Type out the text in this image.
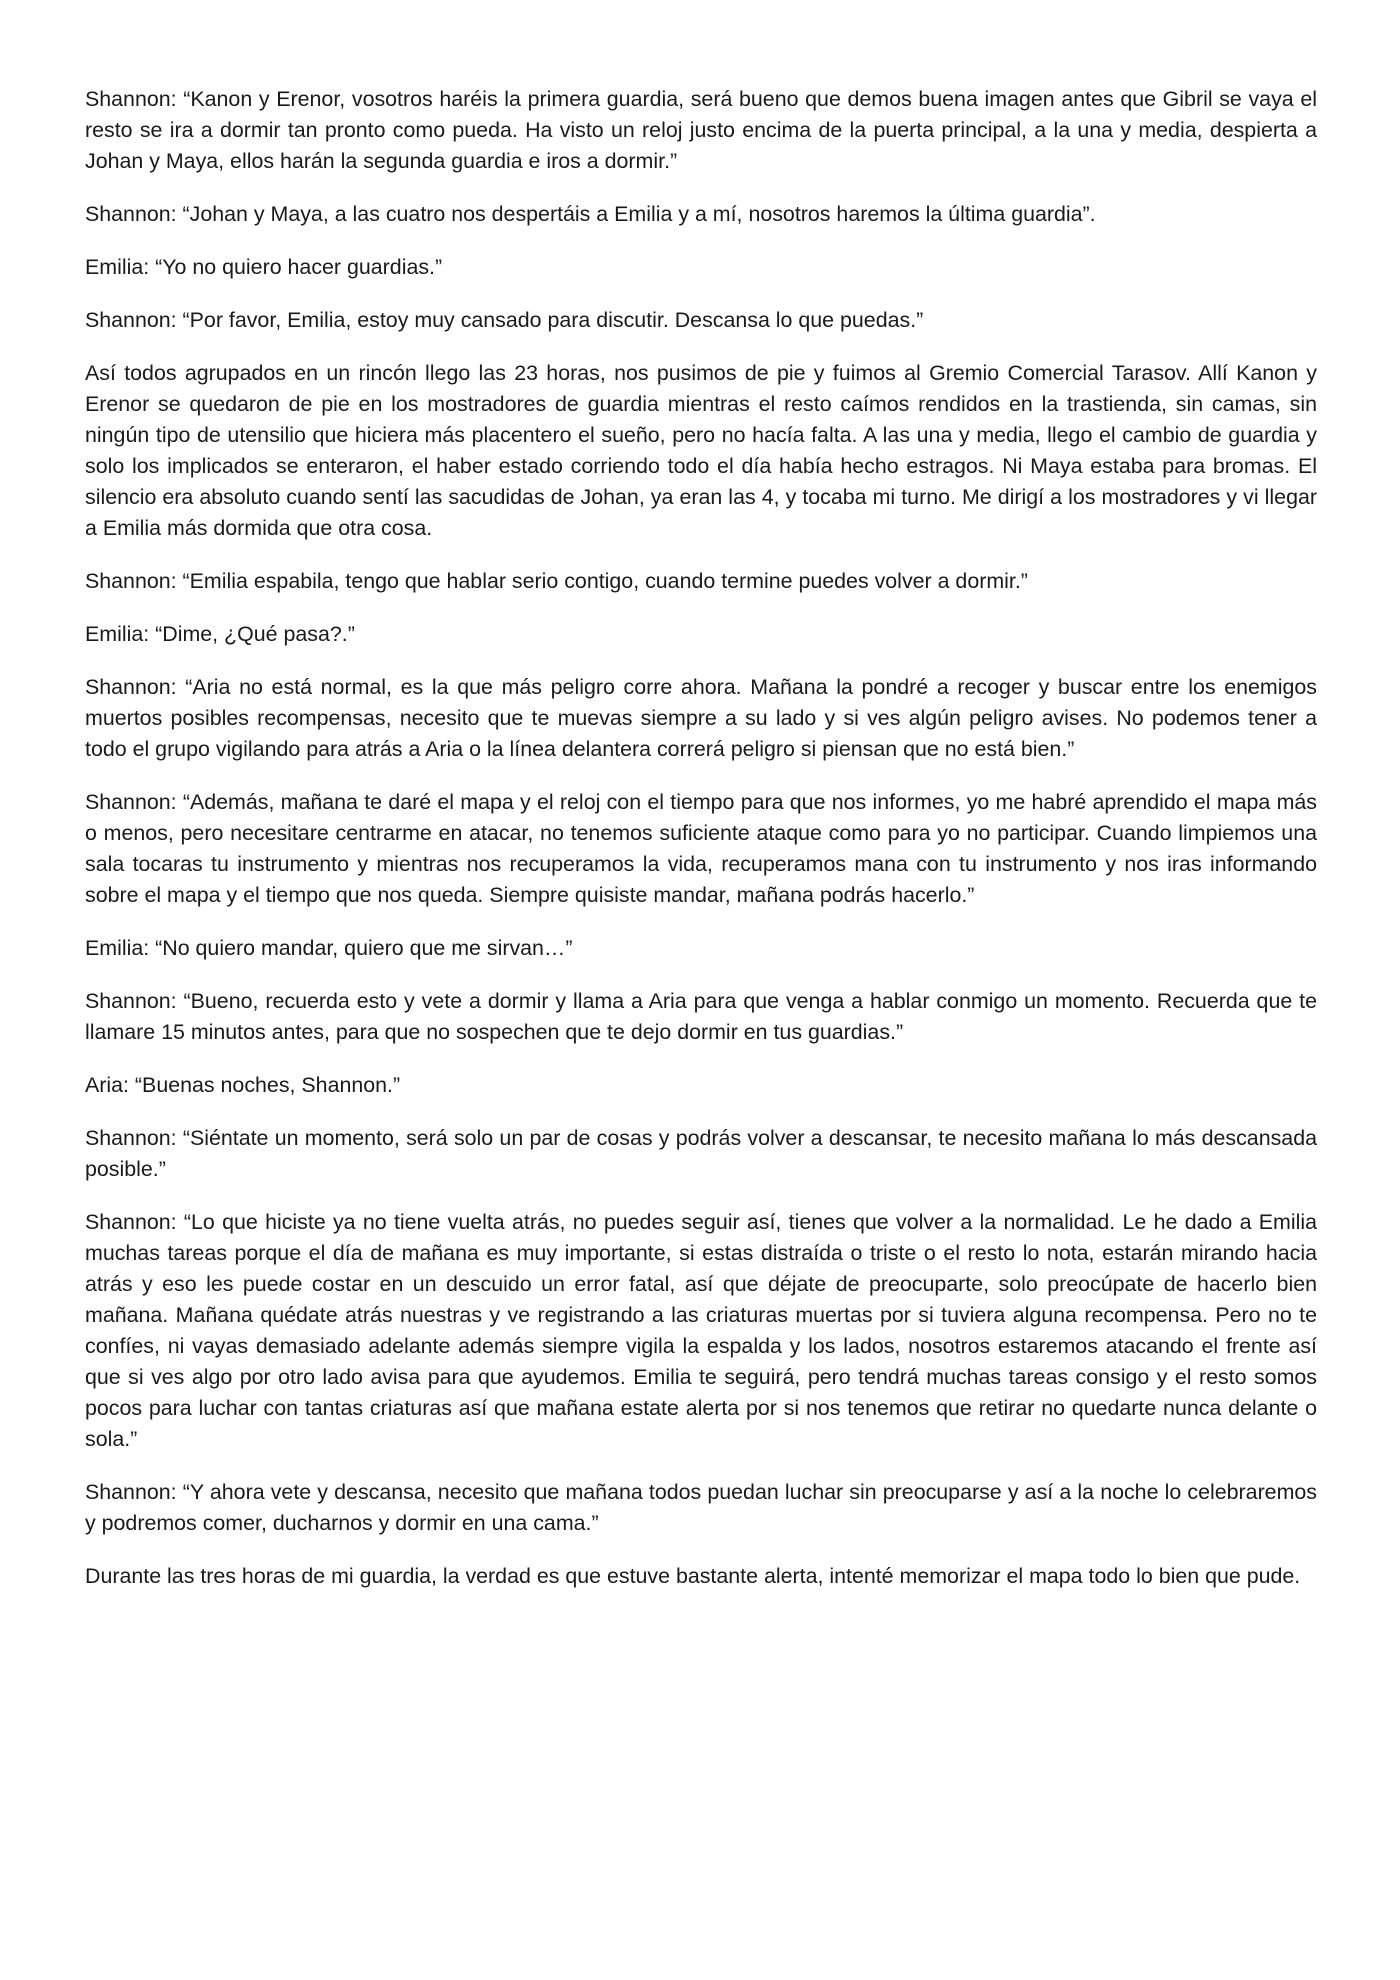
Shannon: “Kanon y Erenor, vosotros haréis la primera guardia, será bueno que demos buena imagen antes que Gibril se vaya el resto se ira a dormir tan pronto como pueda. Ha visto un reloj justo encima de la puerta principal, a la una y media, despierta a Johan y Maya, ellos harán la segunda guardia e iros a dormir.”

Shannon: “Johan y Maya, a las cuatro nos despertáis a Emilia y a mí, nosotros haremos la última guardia”.

Emilia: “Yo no quiero hacer guardias.”

Shannon: “Por favor, Emilia, estoy muy cansado para discutir. Descansa lo que puedas.”

Así todos agrupados en un rincón llego las 23 horas, nos pusimos de pie y fuimos al Gremio Comercial Tarasov. Allí Kanon y Erenor se quedaron de pie en los mostradores de guardia mientras el resto caímos rendidos en la trastienda, sin camas, sin ningún tipo de utensilio que hiciera más placentero el sueño, pero no hacía falta. A las una y media, llego el cambio de guardia y solo los implicados se enteraron, el haber estado corriendo todo el día había hecho estragos. Ni Maya estaba para bromas. El silencio era absoluto cuando sentí las sacudidas de Johan, ya eran las 4, y tocaba mi turno. Me dirigí a los mostradores y vi llegar a Emilia más dormida que otra cosa.

Shannon: “Emilia espabila, tengo que hablar serio contigo, cuando termine puedes volver a dormir.”

Emilia: “Dime, ¿Qué pasa?.”

Shannon: “Aria no está normal, es la que más peligro corre ahora. Mañana la pondré a recoger y buscar entre los enemigos muertos posibles recompensas, necesito que te muevas siempre a su lado y si ves algún peligro avises. No podemos tener a todo el grupo vigilando para atrás a Aria o la línea delantera correrá peligro si piensan que no está bien.”

Shannon: “Además, mañana te daré el mapa y el reloj con el tiempo para que nos informes, yo me habré aprendido el mapa más o menos, pero necesitare centrarme en atacar, no tenemos suficiente ataque como para yo no participar. Cuando limpiemos una sala tocaras tu instrumento y mientras nos recuperamos la vida, recuperamos mana con tu instrumento y nos iras informando sobre el mapa y el tiempo que nos queda. Siempre quisiste mandar, mañana podrás hacerlo.”

Emilia: “No quiero mandar, quiero que me sirvan…”

Shannon: “Bueno, recuerda esto y vete a dormir y llama a Aria para que venga a hablar conmigo un momento. Recuerda que te llamare 15 minutos antes, para que no sospechen que te dejo dormir en tus guardias.”

Aria: “Buenas noches, Shannon.”

Shannon: “Siéntate un momento, será solo un par de cosas y podrás volver a descansar, te necesito mañana lo más descansada posible.”

Shannon: “Lo que hiciste ya no tiene vuelta atrás, no puedes seguir así, tienes que volver a la normalidad. Le he dado a Emilia muchas tareas porque el día de mañana es muy importante, si estas distraída o triste o el resto lo nota, estarán mirando hacia atrás y eso les puede costar en un descuido un error fatal, así que déjate de preocuparte, solo preocúpate de hacerlo bien mañana. Mañana quédate atrás nuestras y ve registrando a las criaturas muertas por si tuviera alguna recompensa. Pero no te confíes, ni vayas demasiado adelante además siempre vigila la espalda y los lados, nosotros estaremos atacando el frente así que si ves algo por otro lado avisa para que ayudemos. Emilia te seguirá, pero tendrá muchas tareas consigo y el resto somos pocos para luchar con tantas criaturas así que mañana estate alerta por si nos tenemos que retirar no quedarte nunca delante o sola.”

Shannon: “Y ahora vete y descansa, necesito que mañana todos puedan luchar sin preocuparse y así a la noche lo celebraremos y podremos comer, ducharnos y dormir en una cama.”

Durante las tres horas de mi guardia, la verdad es que estuve bastante alerta, intenté memorizar el mapa todo lo bien que pude.
